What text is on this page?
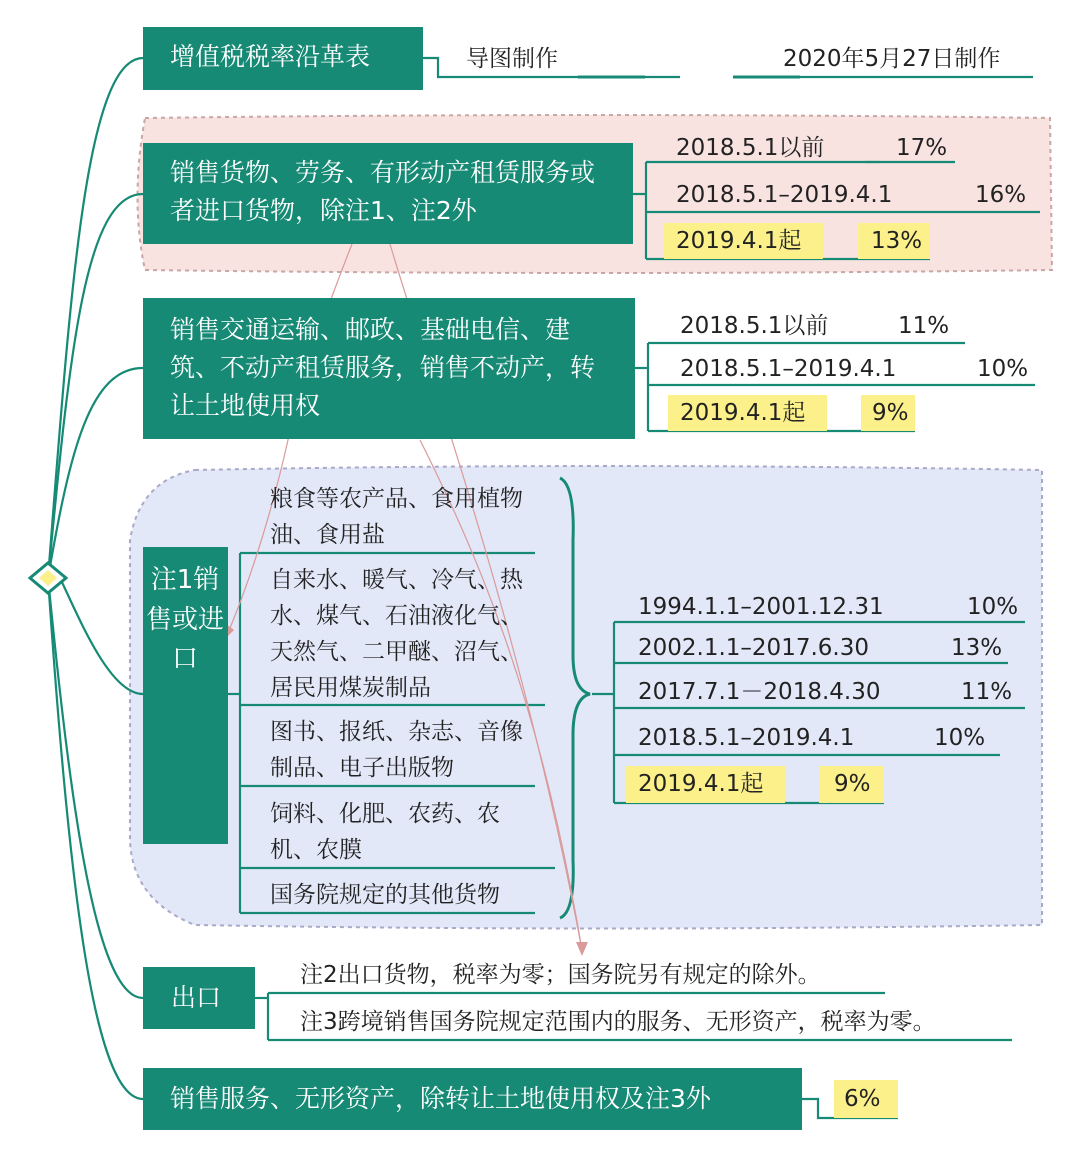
增值税税率沿革表	导图制作	2020年5月27日制作
销售货物、劳务、有形动产租赁服务或者进口货物，除注1、注2外
2018.5.1以前	17%
2018.5.1–2019.4.1	16%
2019.4.1起	13%
销售交通运输、邮政、基础电信、建筑、不动产租赁服务，销售不动产，转让土地使用权
2018.5.1以前	11%
2018.5.1–2019.4.1	10%
2019.4.1起	9%
注1销售或进口
粮食等农产品、食用植物油、食用盐
自来水、暖气、冷气、热水、煤气、石油液化气、天然气、二甲醚、沼气、居民用煤炭制品
图书、报纸、杂志、音像制品、电子出版物
饲料、化肥、农药、农机、农膜
国务院规定的其他货物
1994.1.1–2001.12.31	10%
2002.1.1–2017.6.30	13%
2017.7.1－2018.4.30	11%
2018.5.1–2019.4.1	10%
2019.4.1起	9%
出口
注2出口货物，税率为零；国务院另有规定的除外。
注3跨境销售国务院规定范围内的服务、无形资产，税率为零。
销售服务、无形资产，除转让土地使用权及注3外	6%
